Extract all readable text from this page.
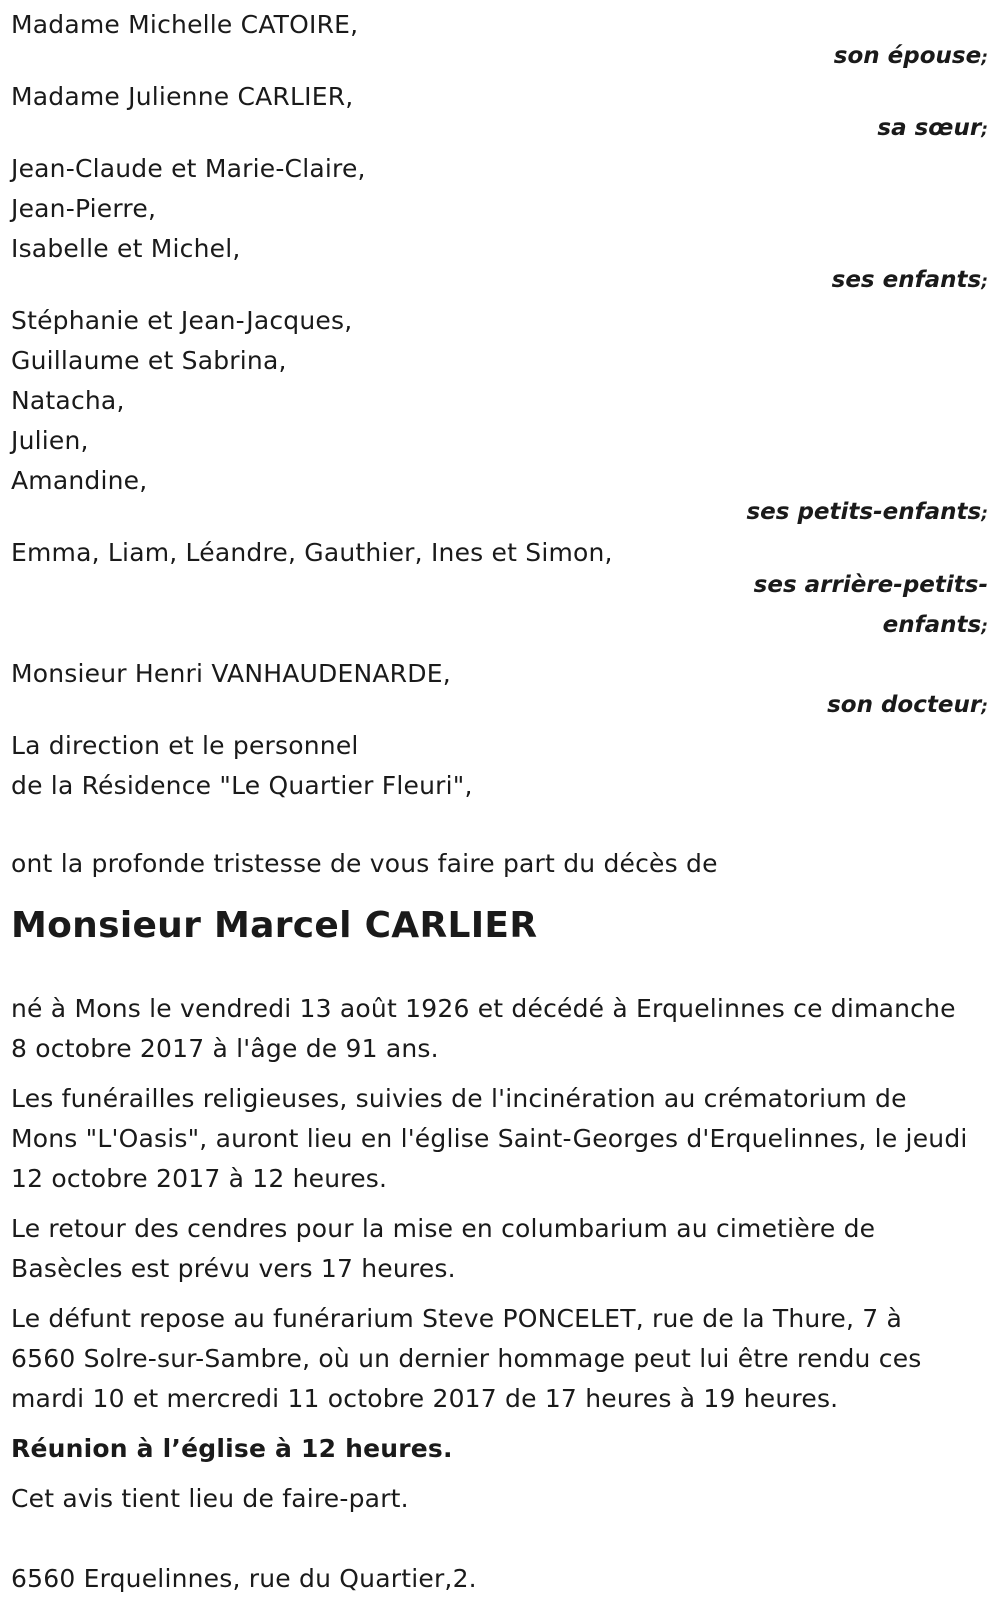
Madame Michelle CATOIRE,
son épouse;
Madame Julienne CARLIER,
sa sœur;
Jean-Claude et Marie-Claire,
Jean-Pierre,
Isabelle et Michel,
ses enfants;
Stéphanie et Jean-Jacques,
Guillaume et Sabrina,
Natacha,
Julien,
Amandine,
ses petits-enfants;
Emma, Liam, Léandre, Gauthier, Ines et Simon,
ses arrière-petits-
enfants;
Monsieur Henri VANHAUDENARDE,
son docteur;
La direction et le personnel
de la Résidence "Le Quartier Fleuri",
ont la profonde tristesse de vous faire part du décès de
Monsieur Marcel CARLIER
né à Mons le vendredi 13 août 1926 et décédé à Erquelinnes ce dimanche
8 octobre 2017 à l'âge de 91 ans.
Les funérailles religieuses, suivies de l'incinération au crématorium de
Mons "L'Oasis", auront lieu en l'église Saint-Georges d'Erquelinnes, le jeudi
12 octobre 2017 à 12 heures.
Le retour des cendres pour la mise en columbarium au cimetière de
Basècles est prévu vers 17 heures.
Le défunt repose au funérarium Steve PONCELET, rue de la Thure, 7 à
6560 Solre-sur-Sambre, où un dernier hommage peut lui être rendu ces
mardi 10 et mercredi 11 octobre 2017 de 17 heures à 19 heures.
Réunion à l’église à 12 heures.
Cet avis tient lieu de faire-part.
6560 Erquelinnes, rue du Quartier,2.
